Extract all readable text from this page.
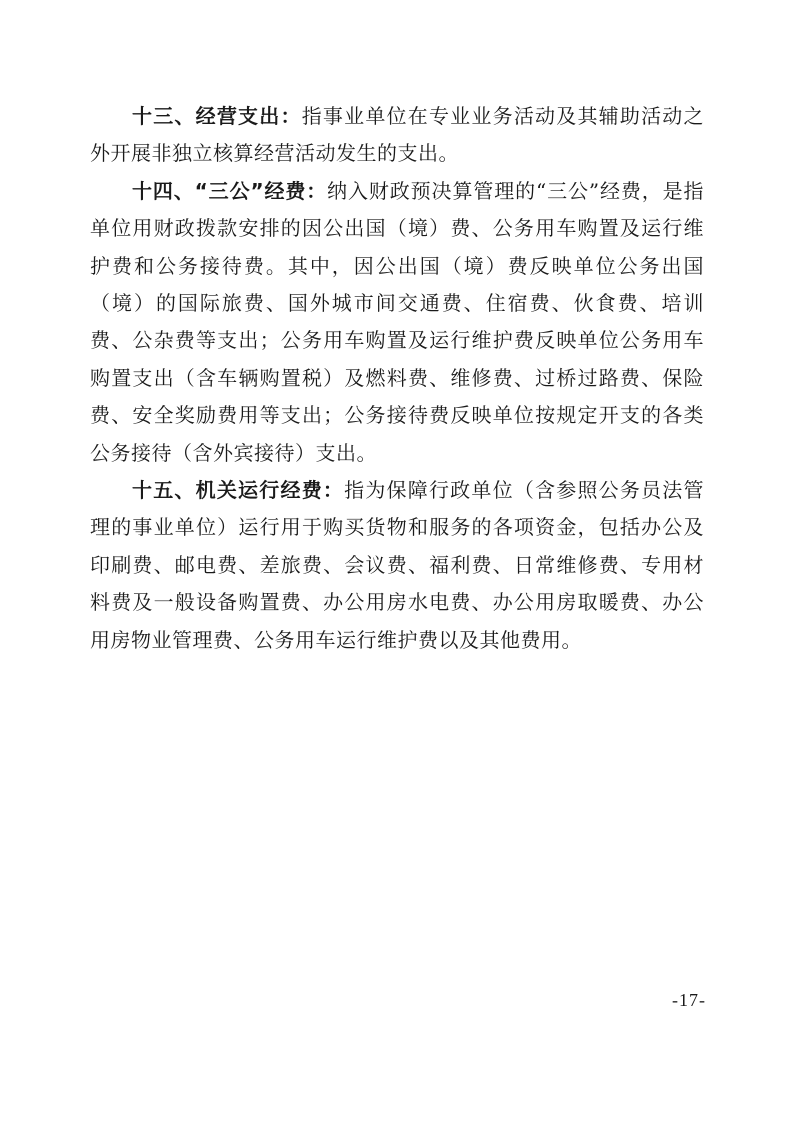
十三、经营支出：指事业单位在专业业务活动及其辅助活动之外开展非独立核算经营活动发生的支出。

十四、“三公”经费：纳入财政预决算管理的“三公”经费，是指单位用财政拨款安排的因公出国（境）费、公务用车购置及运行维护费和公务接待费。其中，因公出国（境）费反映单位公务出国（境）的国际旅费、国外城市间交通费、住宿费、伙食费、培训费、公杂费等支出；公务用车购置及运行维护费反映单位公务用车购置支出（含车辆购置税）及燃料费、维修费、过桥过路费、保险费、安全奖励费用等支出；公务接待费反映单位按规定开支的各类公务接待（含外宾接待）支出。

十五、机关运行经费：指为保障行政单位（含参照公务员法管理的事业单位）运行用于购买货物和服务的各项资金，包括办公及印刷费、邮电费、差旅费、会议费、福利费、日常维修费、专用材料费及一般设备购置费、办公用房水电费、办公用房取暖费、办公用房物业管理费、公务用车运行维护费以及其他费用。

-17-
